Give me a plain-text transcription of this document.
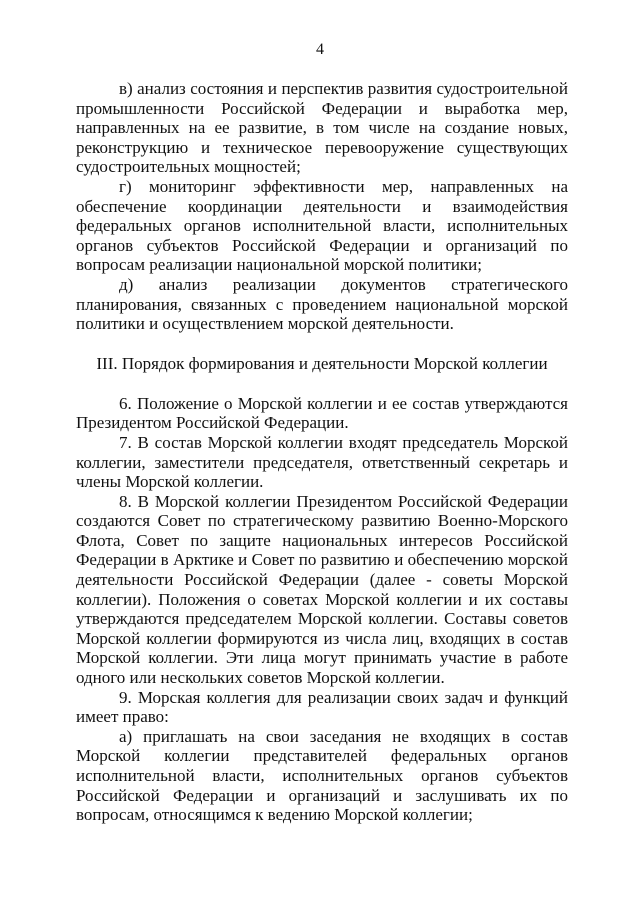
4

в) анализ состояния и перспектив развития судостроительной промышленности Российской Федерации и выработка мер, направленных на ее развитие, в том числе на создание новых, реконструкцию и техническое перевооружение существующих судостроительных мощностей;

г) мониторинг эффективности мер, направленных на обеспечение координации деятельности и взаимодействия федеральных органов исполнительной власти, исполнительных органов субъектов Российской Федерации и организаций по вопросам реализации национальной морской политики;

д) анализ реализации документов стратегического планирования, связанных с проведением национальной морской политики и осуществлением морской деятельности.

III. Порядок формирования и деятельности Морской коллегии

6. Положение о Морской коллегии и ее состав утверждаются Президентом Российской Федерации.

7. В состав Морской коллегии входят председатель Морской коллегии, заместители председателя, ответственный секретарь и члены Морской коллегии.

8. В Морской коллегии Президентом Российской Федерации создаются Совет по стратегическому развитию Военно-Морского Флота, Совет по защите национальных интересов Российской Федерации в Арктике и Совет по развитию и обеспечению морской деятельности Российской Федерации (далее - советы Морской коллегии). Положения о советах Морской коллегии и их составы утверждаются председателем Морской коллегии. Составы советов Морской коллегии формируются из числа лиц, входящих в состав Морской коллегии. Эти лица могут принимать участие в работе одного или нескольких советов Морской коллегии.

9. Морская коллегия для реализации своих задач и функций имеет право:

а) приглашать на свои заседания не входящих в состав Морской коллегии представителей федеральных органов исполнительной власти, исполнительных органов субъектов Российской Федерации и организаций и заслушивать их по вопросам, относящимся к ведению Морской коллегии;
